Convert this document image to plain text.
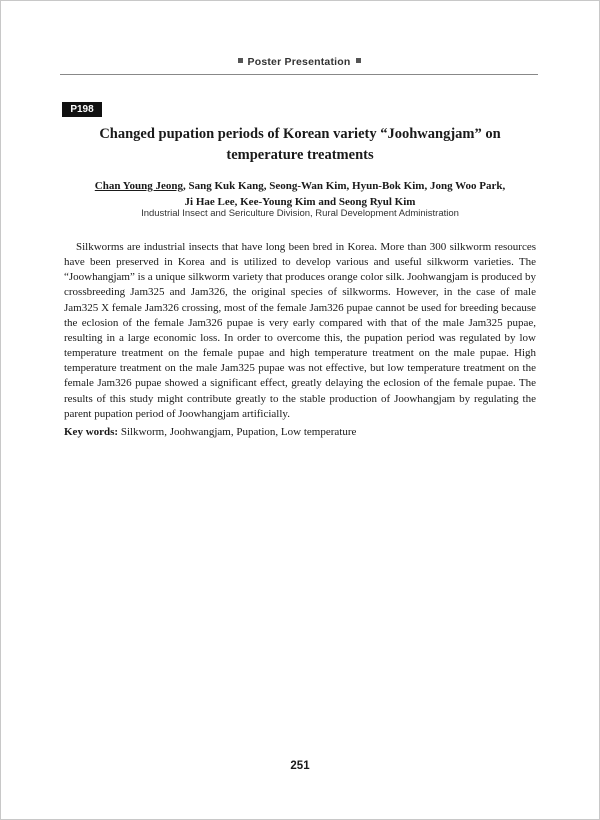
Poster Presentation
P198
Changed pupation periods of Korean variety “Joohwangjam” on
temperature treatments
Chan Young Jeong, Sang Kuk Kang, Seong-Wan Kim, Hyun-Bok Kim, Jong Woo Park,
Ji Hae Lee, Kee-Young Kim and Seong Ryul Kim
Industrial Insect and Sericulture Division, Rural Development Administration

Silkworms are industrial insects that have long been bred in Korea. More than 300 silkworm resources have been preserved in Korea and is utilized to develop various and useful silkworm varieties. The “Joowhangjam” is a unique silkworm variety that produces orange color silk. Joohwangjam is produced by crossbreeding Jam325 and Jam326, the original species of silkworms. However, in the case of male Jam325 X female Jam326 crossing, most of the female Jam326 pupae cannot be used for breeding because the eclosion of the female Jam326 pupae is very early compared with that of the male Jam325 pupae, resulting in a large economic loss. In order to overcome this, the pupation period was regulated by low temperature treatment on the female pupae and high temperature treatment on the male pupae. High temperature treatment on the male Jam325 pupae was not effective, but low temperature treatment on the female Jam326 pupae showed a significant effect, greatly delaying the eclosion of the female pupae. The results of this study might contribute greatly to the stable production of Joowhangjam by regulating the parent pupation period of Joowhangjam artificially.

Key words: Silkworm, Joohwangjam, Pupation, Low temperature

251
